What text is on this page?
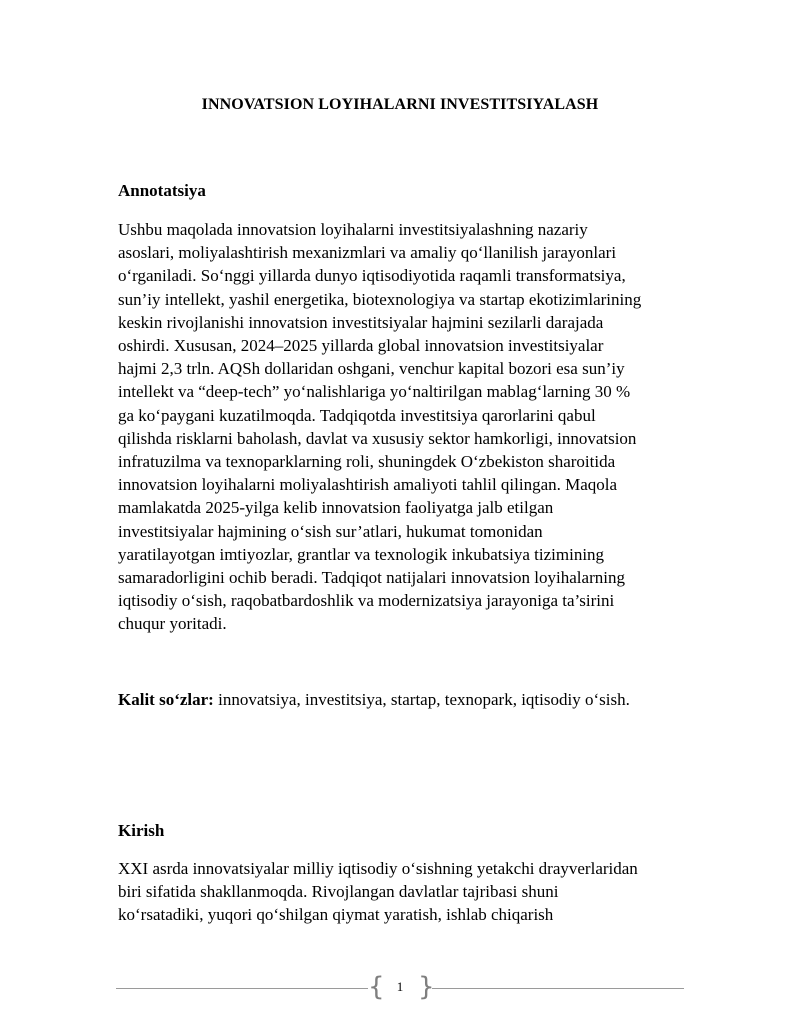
INNOVATSION LOYIHALARNI INVESTITSIYALASH
Annotatsiya

Ushbu maqolada innovatsion loyihalarni investitsiyalashning nazariy
asoslari, moliyalashtirish mexanizmlari va amaliy qo‘llanilish jarayonlari
o‘rganiladi. So‘nggi yillarda dunyo iqtisodiyotida raqamli transformatsiya,
sun’iy intellekt, yashil energetika, biotexnologiya va startap ekotizimlarining
keskin rivojlanishi innovatsion investitsiyalar hajmini sezilarli darajada
oshirdi. Xususan, 2024–2025 yillarda global innovatsion investitsiyalar
hajmi 2,3 trln. AQSh dollaridan oshgani, venchur kapital bozori esa sun’iy
intellekt va “deep-tech” yo‘nalishlariga yo‘naltirilgan mablag‘larning 30 %
ga ko‘paygani kuzatilmoqda. Tadqiqotda investitsiya qarorlarini qabul
qilishda risklarni baholash, davlat va xususiy sektor hamkorligi, innovatsion
infratuzilma va texnoparklarning roli, shuningdek O‘zbekiston sharoitida
innovatsion loyihalarni moliyalashtirish amaliyoti tahlil qilingan. Maqola
mamlakatda 2025-yilga kelib innovatsion faoliyatga jalb etilgan
investitsiyalar hajmining o‘sish sur’atlari, hukumat tomonidan
yaratilayotgan imtiyozlar, grantlar va texnologik inkubatsiya tizimining
samaradorligini ochib beradi. Tadqiqot natijalari innovatsion loyihalarning
iqtisodiy o‘sish, raqobatbardoshlik va modernizatsiya jarayoniga ta’sirini
chuqur yoritadi.

Kalit so‘zlar: innovatsiya, investitsiya, startap, texnopark, iqtisodiy o‘sish.

Kirish

XXI asrda innovatsiyalar milliy iqtisodiy o‘sishning yetakchi drayverlaridan
biri sifatida shakllanmoqda. Rivojlangan davlatlar tajribasi shuni
ko‘rsatadiki, yuqori qo‘shilgan qiymat yaratish, ishlab chiqarish

{ 1 }
